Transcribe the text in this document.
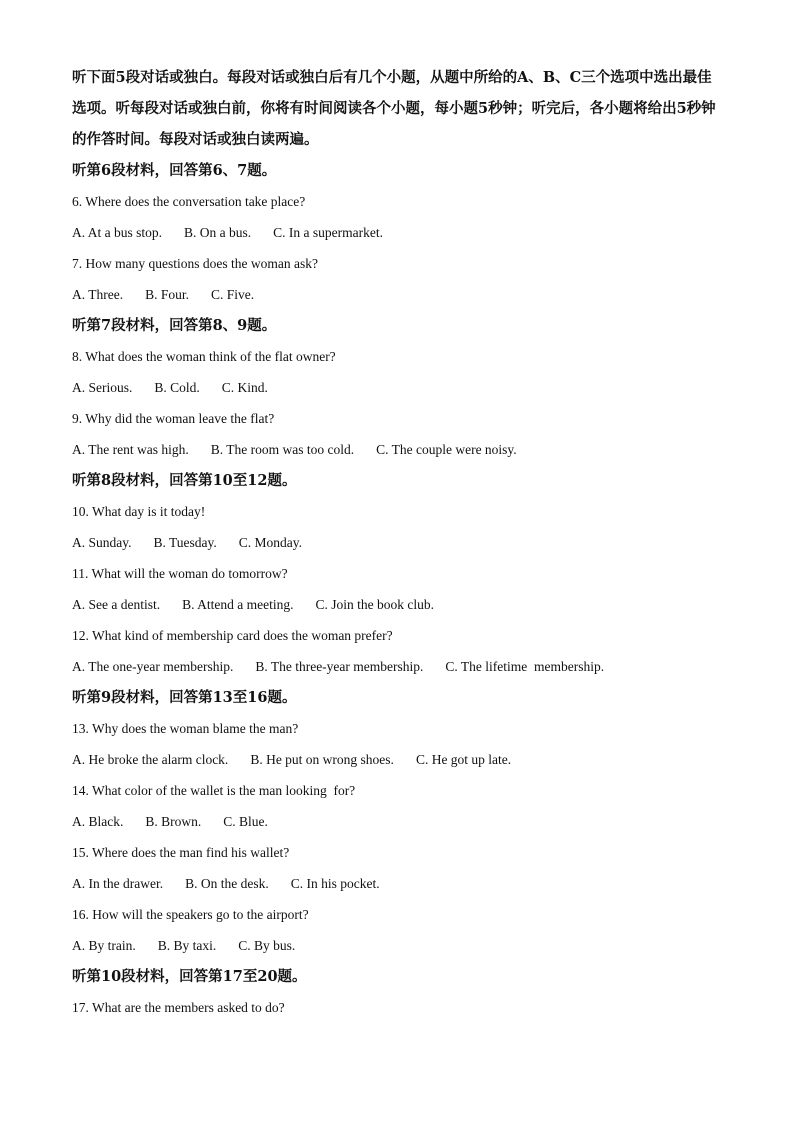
听下面5段对话或独白。每段对话或独白后有几个小题，从题中所给的A、B、C三个选项中选出最佳选项。听每段对话或独白前，你将有时间阅读各个小题，每小题5秒钟；听完后，各小题将给出5秒钟的作答时间。每段对话或独白读两遍。

听第6段材料，回答第6、7题。
6. Where does the conversation take place?
A. At a bus stop. B. On a bus. C. In a supermarket.
7. How many questions does the woman ask?
A. Three. B. Four. C. Five.
听第7段材料，回答第8、9题。
8. What does the woman think of the flat owner?
A. Serious. B. Cold. C. Kind.
9. Why did the woman leave the flat?
A. The rent was high. B. The room was too cold. C. The couple were noisy.
听第8段材料，回答第10至12题。
10. What day is it today!
A. Sunday. B. Tuesday. C. Monday.
11. What will the woman do tomorrow?
A. See a dentist. B. Attend a meeting. C. Join the book club.
12. What kind of membership card does the woman prefer?
A. The one-year membership. B. The three-year membership. C. The lifetime  membership.
听第9段材料，回答第13至16题。
13. Why does the woman blame the man?
A. He broke the alarm clock. B. He put on wrong shoes. C. He got up late.
14. What color of the wallet is the man looking  for?
A. Black. B. Brown. C. Blue.
15. Where does the man find his wallet?
A. In the drawer. B. On the desk. C. In his pocket.
16. How will the speakers go to the airport?
A. By train. B. By taxi. C. By bus.
听第10段材料，回答第17至20题。
17. What are the members asked to do?
